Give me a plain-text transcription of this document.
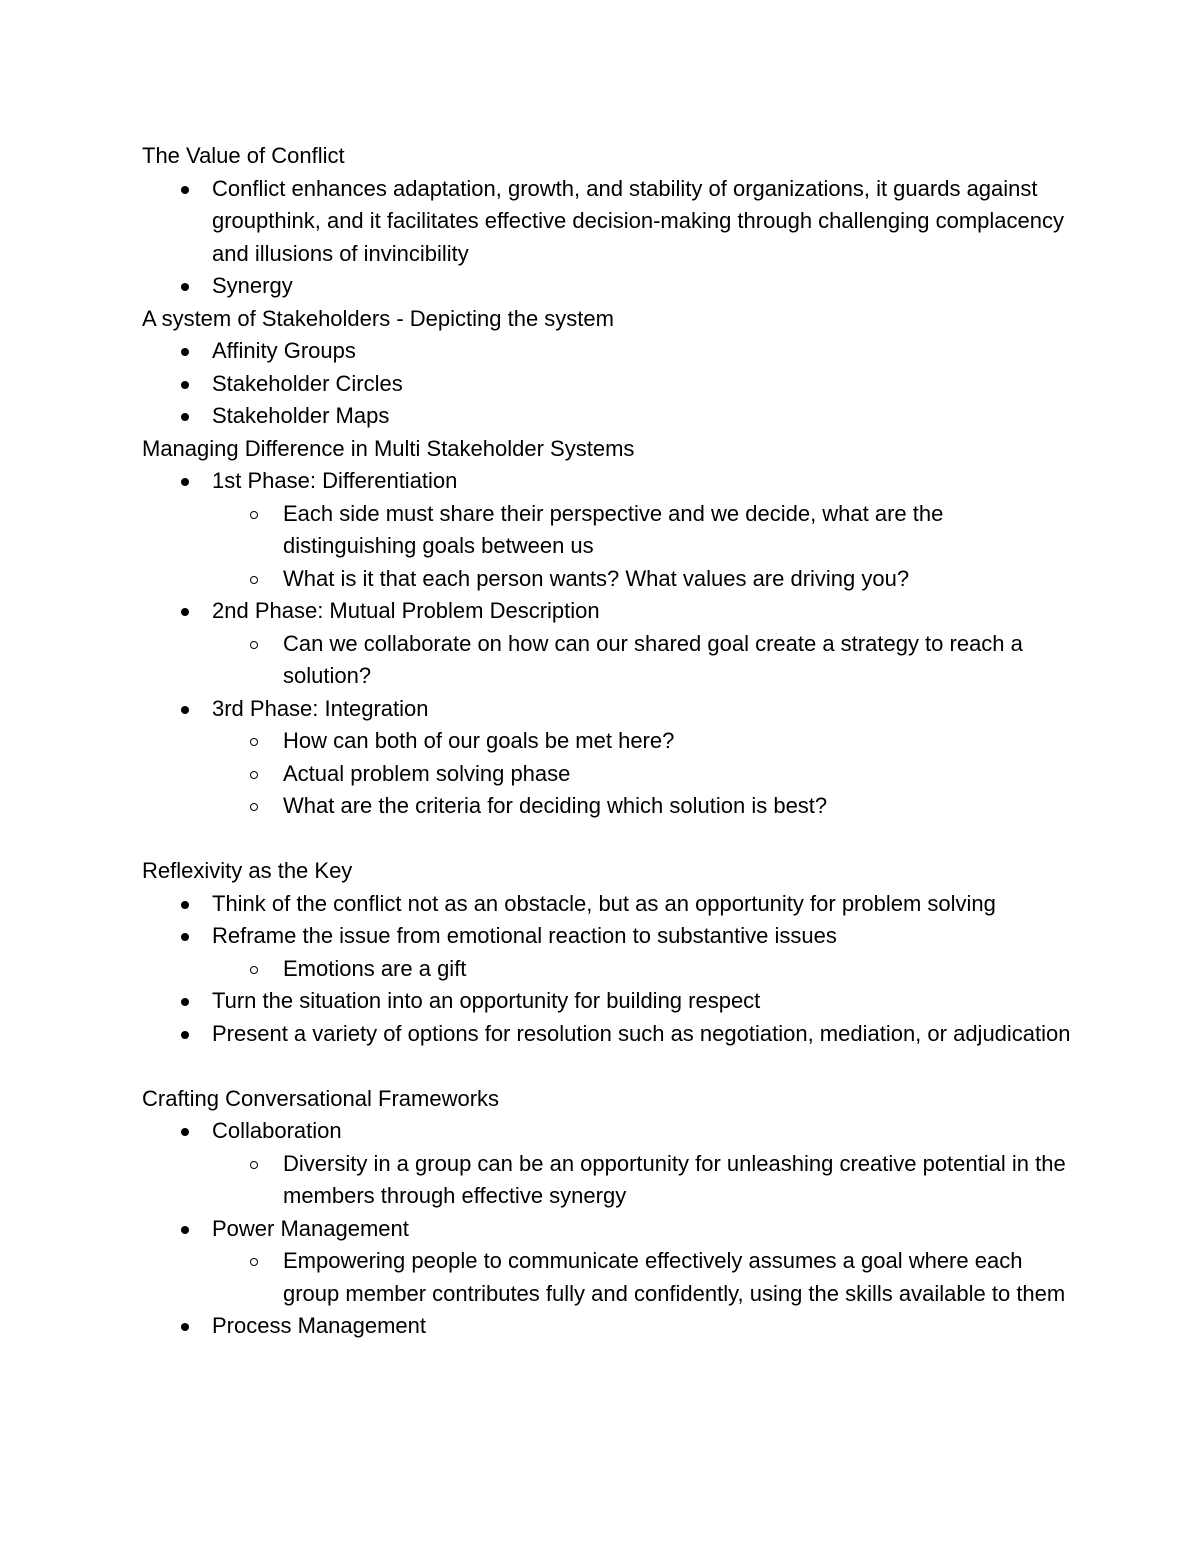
The Value of Conflict
Conflict enhances adaptation, growth, and stability of organizations, it guards against groupthink, and it facilitates effective decision-making through challenging complacency and illusions of invincibility
Synergy
A system of Stakeholders - Depicting the system
Affinity Groups
Stakeholder Circles
Stakeholder Maps
Managing Difference in Multi Stakeholder Systems
1st Phase: Differentiation
Each side must share their perspective and we decide, what are the distinguishing goals between us
What is it that each person wants? What values are driving you?
2nd Phase: Mutual Problem Description
Can we collaborate on how can our shared goal create a strategy to reach a solution?
3rd Phase: Integration
How can both of our goals be met here?
Actual problem solving phase
What are the criteria for deciding which solution is best?
Reflexivity as the Key
Think of the conflict not as an obstacle, but as an opportunity for problem solving
Reframe the issue from emotional reaction to substantive issues
Emotions are a gift
Turn the situation into an opportunity for building respect
Present a variety of options for resolution such as negotiation, mediation, or adjudication
Crafting Conversational Frameworks
Collaboration
Diversity in a group can be an opportunity for unleashing creative potential in the members through effective synergy
Power Management
Empowering people to communicate effectively assumes a goal where each group member contributes fully and confidently, using the skills available to them
Process Management
